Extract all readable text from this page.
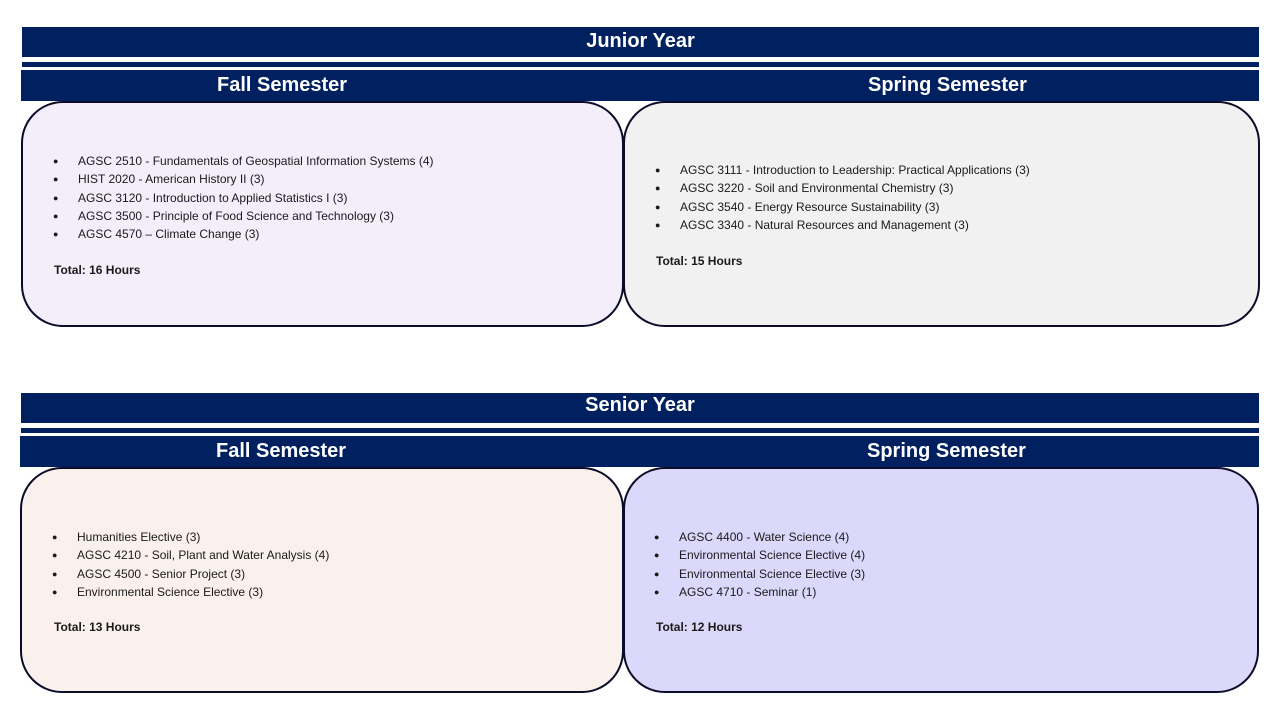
Junior Year
Fall Semester	Spring Semester
● AGSC 2510 - Fundamentals of Geospatial Information Systems (4)
● HIST 2020 - American History II (3)
● AGSC 3120 - Introduction to Applied Statistics I (3)
● AGSC 3500 - Principle of Food Science and Technology (3)
● AGSC 4570 – Climate Change (3)
Total: 16 Hours
● AGSC 3111 - Introduction to Leadership: Practical Applications (3)
● AGSC 3220 - Soil and Environmental Chemistry (3)
● AGSC 3540 - Energy Resource Sustainability (3)
● AGSC 3340 - Natural Resources and Management (3)
Total: 15 Hours
Senior Year
Fall Semester	Spring Semester
● Humanities Elective (3)
● AGSC 4210 - Soil, Plant and Water Analysis (4)
● AGSC 4500 - Senior Project (3)
● Environmental Science Elective (3)
Total: 13 Hours
● AGSC 4400 - Water Science (4)
● Environmental Science Elective (4)
● Environmental Science Elective (3)
● AGSC 4710 - Seminar (1)
Total: 12 Hours
